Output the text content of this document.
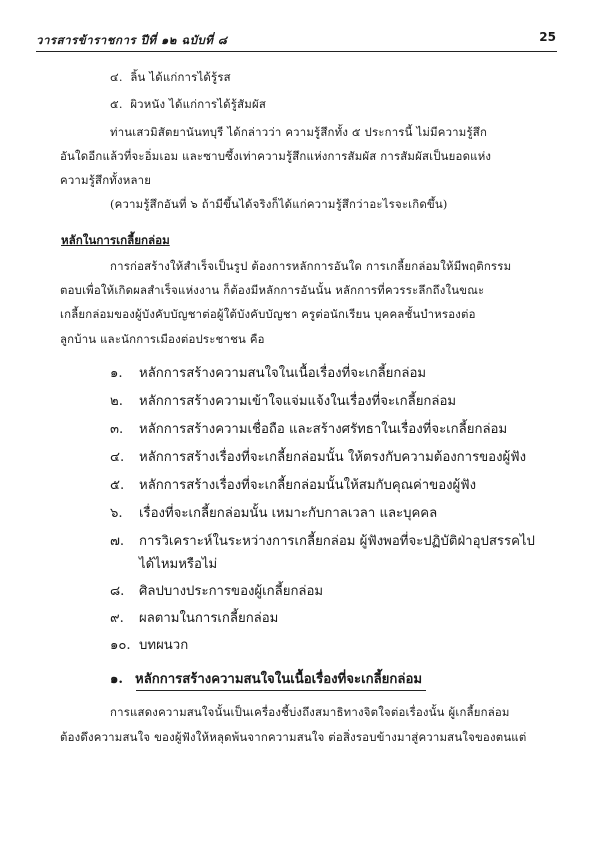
วารสารข้าราชการ ปีที่ ๑๒ ฉบับที่ ๘	25
๔. ลิ้น ได้แก่การได้รู้รส
๕. ผิวหนัง ได้แก่การได้รู้สัมผัส
ท่านเสวมิสัตยานันทบุรี ได้กล่าวว่า ความรู้สึกทั้ง ๕ ประการนี้ ไม่มีความรู้สึก
อันใดอีกแล้วที่จะอิ่มเอม และซาบซึ้งเท่าความรู้สึกแห่งการสัมผัส การสัมผัสเป็นยอดแห่ง
ความรู้สึกทั้งหลาย
(ความรู้สึกอันที่ ๖ ถ้ามีขึ้นได้จริงก็ได้แก่ความรู้สึกว่าอะไรจะเกิดขึ้น)
หลักในการเกลี้ยกล่อม
การก่อสร้างให้สำเร็จเป็นรูป ต้องการหลักการอันใด การเกลี้ยกล่อมให้มีพฤติกรรม
ตอบเพื่อให้เกิดผลสำเร็จแห่งงาน ก็ต้องมีหลักการอันนั้น หลักการที่ควรระลึกถึงในขณะ
เกลี้ยกล่อมของผู้บังคับบัญชาต่อผู้ใต้บังคับบัญชา ครูต่อนักเรียน บุคคลชั้นบำหรองต่อ
ลูกบ้าน และนักการเมืองต่อประชาชน คือ
๑. หลักการสร้างความสนใจในเนื้อเรื่องที่จะเกลี้ยกล่อม
๒. หลักการสร้างความเข้าใจแจ่มแจ้งในเรื่องที่จะเกลี้ยกล่อม
๓. หลักการสร้างความเชื่อถือ และสร้างศรัทธาในเรื่องที่จะเกลี้ยกล่อม
๔. หลักการสร้างเรื่องที่จะเกลี้ยกล่อมนั้น ให้ตรงกับความต้องการของผู้ฟัง
๕. หลักการสร้างเรื่องที่จะเกลี้ยกล่อมนั้นให้สมกับคุณค่าของผู้ฟัง
๖. เรื่องที่จะเกลี้ยกล่อมนั้น เหมาะกับกาลเวลา และบุคคล
๗. การวิเคราะห์ในระหว่างการเกลี้ยกล่อม ผู้ฟังพอที่จะปฏิบัติฝ่าอุปสรรคไป
ได้ไหมหรือไม่
๘. ศิลปบางประการของผู้เกลี้ยกล่อม
๙. ผลตามในการเกลี้ยกล่อม
๑๐. บทผนวก
๑. หลักการสร้างความสนใจในเนื้อเรื่องที่จะเกลี้ยกล่อม
การแสดงความสนใจนั้นเป็นเครื่องชี้บ่งถึงสมาธิทางจิตใจต่อเรื่องนั้น ผู้เกลี้ยกล่อม
ต้องดึงความสนใจ ของผู้ฟังให้หลุดพ้นจากความสนใจ ต่อสิ่งรอบข้างมาสู่ความสนใจของตนแต่
